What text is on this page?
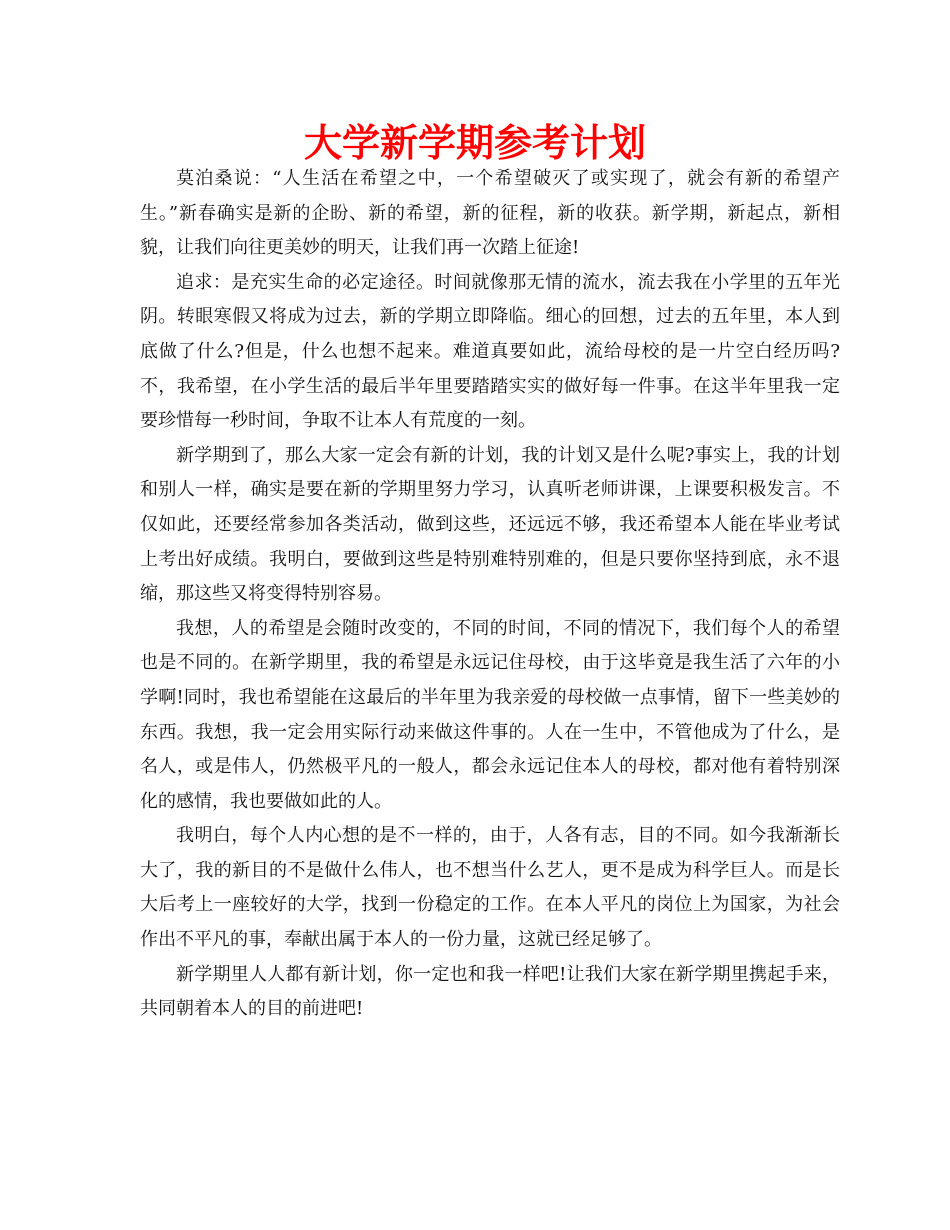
大学新学期参考计划

莫泊桑说：“人生活在希望之中，一个希望破灭了或实现了，就会有新的希望产生。”新春确实是新的企盼、新的希望，新的征程，新的收获。新学期，新起点，新相貌，让我们向往更美妙的明天，让我们再一次踏上征途!

追求：是充实生命的必定途径。时间就像那无情的流水，流去我在小学里的五年光阴。转眼寒假又将成为过去，新的学期立即降临。细心的回想，过去的五年里，本人到底做了什么?但是，什么也想不起来。难道真要如此，流给母校的是一片空白经历吗?不，我希望，在小学生活的最后半年里要踏踏实实的做好每一件事。在这半年里我一定要珍惜每一秒时间，争取不让本人有荒度的一刻。

新学期到了，那么大家一定会有新的计划，我的计划又是什么呢?事实上，我的计划和别人一样，确实是要在新的学期里努力学习，认真听老师讲课，上课要积极发言。不仅如此，还要经常参加各类活动，做到这些，还远远不够，我还希望本人能在毕业考试上考出好成绩。我明白，要做到这些是特别难特别难的，但是只要你坚持到底，永不退缩，那这些又将变得特别容易。

我想，人的希望是会随时改变的，不同的时间，不同的情况下，我们每个人的希望也是不同的。在新学期里，我的希望是永远记住母校，由于这毕竟是我生活了六年的小学啊!同时，我也希望能在这最后的半年里为我亲爱的母校做一点事情，留下一些美妙的东西。我想，我一定会用实际行动来做这件事的。人在一生中，不管他成为了什么，是名人，或是伟人，仍然极平凡的一般人，都会永远记住本人的母校，都对他有着特别深化的感情，我也要做如此的人。

我明白，每个人内心想的是不一样的，由于，人各有志，目的不同。如今我渐渐长大了，我的新目的不是做什么伟人，也不想当什么艺人，更不是成为科学巨人。而是长大后考上一座较好的大学，找到一份稳定的工作。在本人平凡的岗位上为国家，为社会作出不平凡的事，奉献出属于本人的一份力量，这就已经足够了。

新学期里人人都有新计划，你一定也和我一样吧!让我们大家在新学期里携起手来，共同朝着本人的目的前进吧!
